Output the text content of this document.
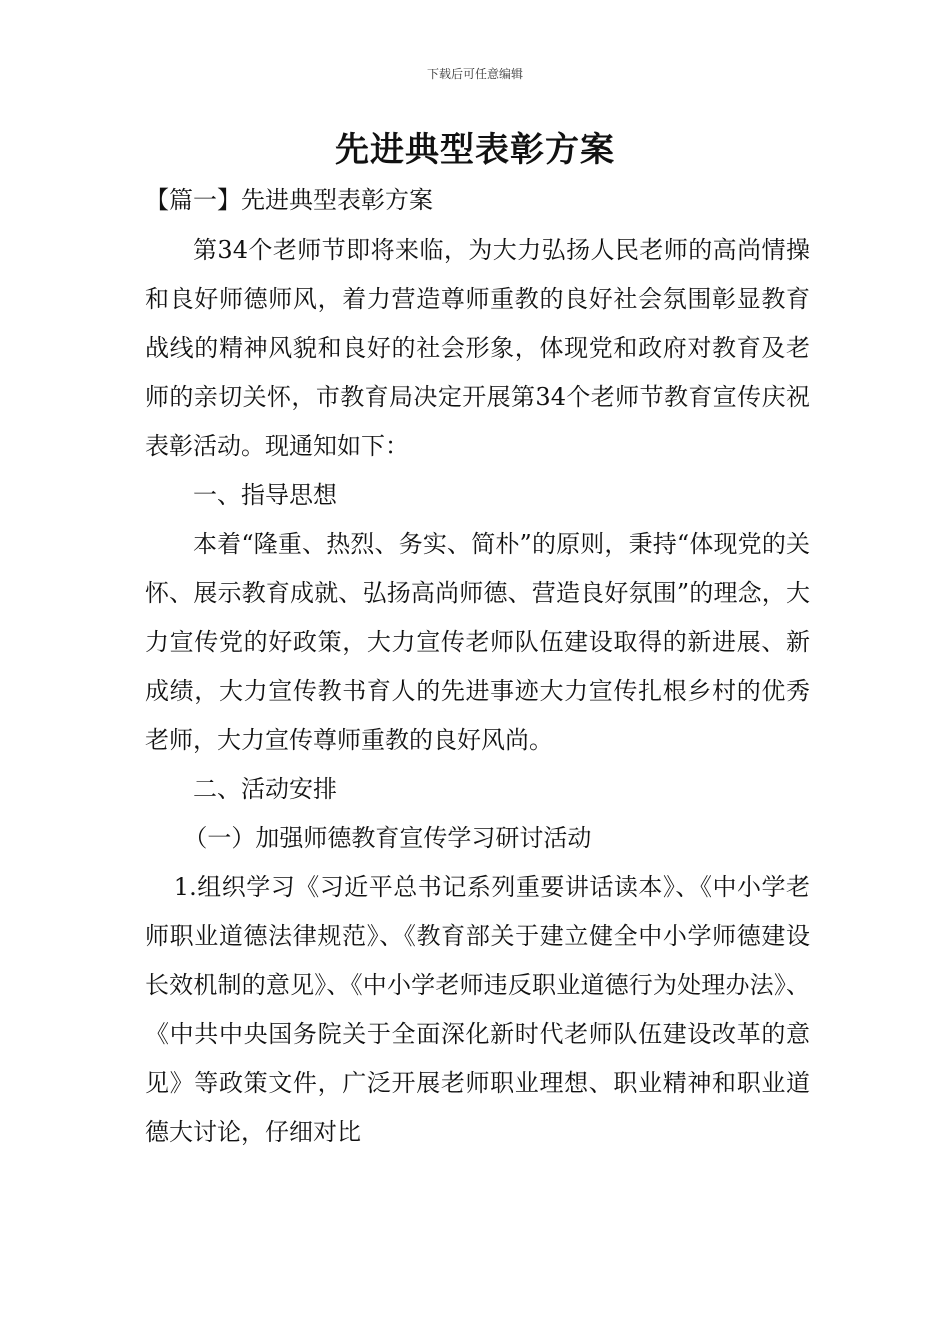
下载后可任意编辑
先进典型表彰方案
【篇一】先进典型表彰方案

第34个老师节即将来临，为大力弘扬人民老师的高尚情操和良好师德师风，着力营造尊师重教的良好社会氛围彰显教育战线的精神风貌和良好的社会形象，体现党和政府对教育及老师的亲切关怀，市教育局决定开展第34个老师节教育宣传庆祝表彰活动。现通知如下：

一、指导思想

本着“隆重、热烈、务实、简朴”的原则，秉持“体现党的关怀、展示教育成就、弘扬高尚师德、营造良好氛围”的理念，大力宣传党的好政策，大力宣传老师队伍建设取得的新进展、新成绩，大力宣传教书育人的先进事迹大力宣传扎根乡村的优秀老师，大力宣传尊师重教的良好风尚。

二、活动安排

（一）加强师德教育宣传学习研讨活动

1.组织学习《习近平总书记系列重要讲话读本》、《中小学老师职业道德法律规范》、《教育部关于建立健全中小学师德建设长效机制的意见》、《中小学老师违反职业道德行为处理办法》、《中共中央国务院关于全面深化新时代老师队伍建设改革的意见》等政策文件，广泛开展老师职业理想、职业精神和职业道德大讨论，仔细对比
